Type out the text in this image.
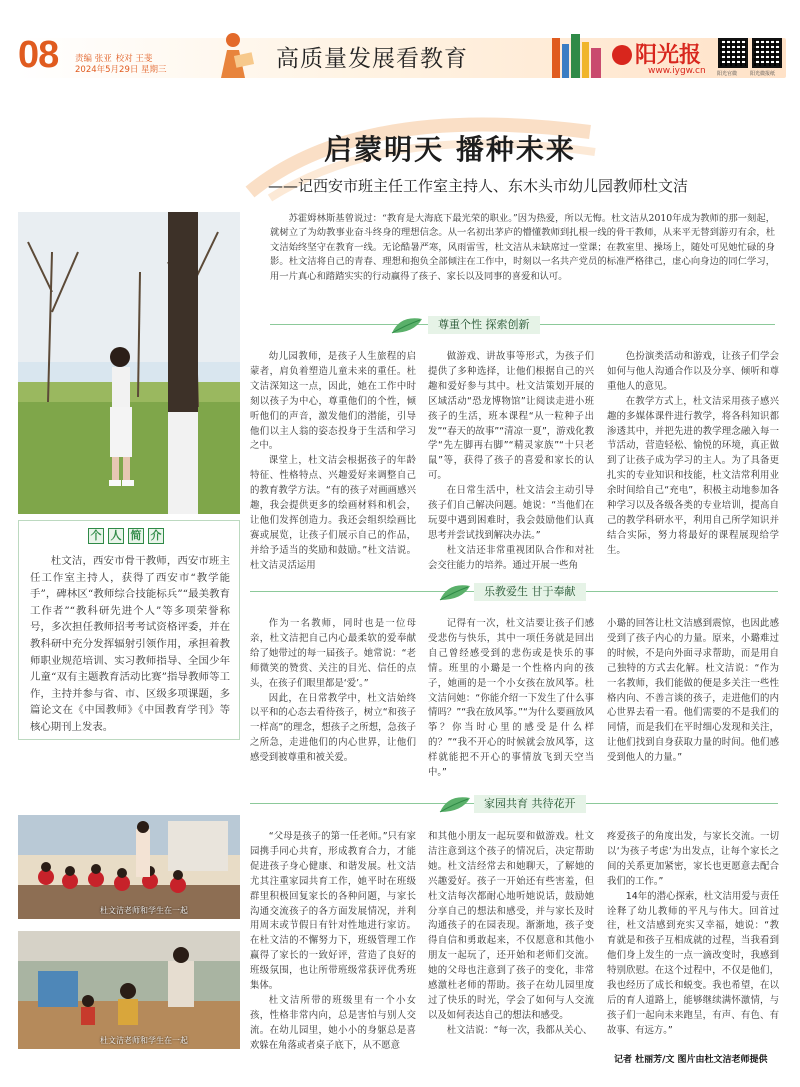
08 责编 张亚 校对 王斐
2024年5月29日 星期三	高质量发展看教育	阳光报
www.iygw.cn 阳光官微	阳光微报纸
启蒙明天 播种未来
——记西安市班主任工作室主持人、东木头市幼儿园教师杜文洁
个 人 简 介
杜文洁，西安市骨干教师，西安市班主任工作室主持人，获得了西安市“教学能手”，碑林区“教师综合技能标兵”“最美教育工作者”“教科研先进个人”等多项荣誉称号，多次担任教师招考考试资格评委，并在教科研中充分发挥辐射引领作用，承担着教师职业规范培训、实习教师指导、全国少年儿童“双有主题教育活动比赛”指导教师等工作，主持并参与省、市、区级多项课题，多篇论文在《中国教师》《中国教育学刊》等核心期刊上发表。
苏霍姆林斯基曾说过：“教育是大海底下最光荣的职业。”因为热爱，所以无悔。杜文洁从2010年成为教师的那一刻起，就树立了为幼教事业奋斗终身的理想信念。从一名初出茅庐的懵懂教师到扎根一线的骨干教师，从来平无替到游刃有余，杜文洁始终坚守在教育一线。无论酷暑严寒，风雨雷雪，杜文洁从未缺席过一堂课；在教室里、操场上，随处可见她忙碌的身影。杜文洁将自己的青春、理想和抱负全部倾注在工作中，时刻以一名共产党员的标准严格律己，虚心向身边的同仁学习，用一片真心和踏踏实实的行动赢得了孩子、家长以及同事的喜爱和认可。
尊重个性 探索创新

幼儿园教师，是孩子人生旅程的启蒙者，肩负着塑造儿童未来的重任。杜文洁深知这一点，因此，她在工作中时刻以孩子为中心，尊重他们的个性，倾听他们的声音，激发他们的潜能，引导他们以主人翁的姿态投身于生活和学习之中。

课堂上，杜文洁会根据孩子的年龄特征、性格特点、兴趣爱好来调整自己的教育教学方法。“有的孩子对画画感兴趣，我会提供更多的绘画材料和机会，让他们发挥创造力。我还会组织绘画比赛或展览，让孩子们展示自己的作品，并给予适当的奖励和鼓励。”杜文洁说。杜文洁灵活运用

做游戏、讲故事等形式，为孩子们提供了多种选择，让他们根据自己的兴趣和爱好参与其中。杜文洁策划开展的区域活动“恐龙博物馆”让阅读走进小班孩子的生活，班本课程“从一粒种子出发”“春天的故事”“清凉一夏”，游戏化教学“先左脚再右脚”“精灵家族”“十只老鼠”等，获得了孩子的喜爱和家长的认可。

在日常生活中，杜文洁会主动引导孩子们自己解决问题。她说：“当他们在玩耍中遇到困难时，我会鼓励他们认真思考并尝试找到解决办法。”

杜文洁还非常重视团队合作和对社会交往能力的培养。通过开展一些角

色扮演类活动和游戏，让孩子们学会如何与他人沟通合作以及分享、倾听和尊重他人的意见。

在教学方式上，杜文洁采用孩子感兴趣的多媒体课件进行教学，将各科知识都渗透其中，并把先进的教学理念融入每一节活动，营造轻松、愉悦的环境，真正做到了让孩子成为学习的主人。为了具备更扎实的专业知识和技能，杜文洁常利用业余时间给自己“充电”，积极主动地参加各种学习以及各级各类的专业培训，提高自己的教学科研水平，利用自己所学知识并结合实际，努力将最好的课程展现给学生。

乐教爱生 甘于奉献

作为一名教师，同时也是一位母亲，杜文洁把自己内心最柔软的爱奉献给了她带过的每一届孩子。她常说：“老师微笑的赞赏、关注的目光、信任的点头，在孩子们眼里都是‘爱’。”

因此，在日常教学中，杜文洁始终以平和的心态去看待孩子，树立“和孩子一样高”的理念，想孩子之所想，急孩子之所急，走进他们的内心世界，让他们感受到被尊重和被关爱。

记得有一次，杜文洁要让孩子们感受悲伤与快乐，其中一项任务就是回出自己曾经感受到的悲伤或是快乐的事情。班里的小璐是一个性格内向的孩子，她画的是一个小女孩在放风筝。杜文洁问她：“你能介绍一下发生了什么事情吗？”“我在放风筝。”“为什么要画放风筝？你当时心里的感受是什么样的？”“我不开心的时候就会放风筝，这样就能把不开心的事情放飞到天空当中。”

小璐的回答让杜文洁感到震惊，也因此感受到了孩子内心的力量。原来，小璐难过的时候，不是向外面寻求帮助，而是用自己独特的方式去化解。杜文洁说：“作为一名教师，我们能做的便是多关注一些性格内向、不善言谈的孩子，走进他们的内心世界去看一看。他们需要的不是我们的同情，而是我们在平时细心发现和关注，让他们找到自身获取力量的时间。他们感受到他人的力量。”

家园共育 共待花开

“父母是孩子的第一任老师。”只有家园携手同心共育，形成教育合力，才能促进孩子身心健康、和谐发展。杜文洁尤其注重家园共育工作，她平时在班级群里积极回复家长的各种问题，与家长沟通交流孩子的各方面发展情况，并利用周末或节假日有针对性地进行家访。在杜文洁的不懈努力下，班级管理工作赢得了家长的一致好评，营造了良好的班级氛围，也让所带班级常获评优秀班集体。

杜文洁所带的班级里有一个小女孩，性格非常内向，总是害怕与别人交流。在幼儿园里，她小小的身躯总是喜欢躲在角落或者桌子底下，从不愿意

和其他小朋友一起玩耍和做游戏。杜文洁注意到这个孩子的情况后，决定帮助她。杜文洁经常去和她聊天，了解她的兴趣爱好。孩子一开始还有些害羞，但杜文洁每次都耐心地听她说话，鼓励她分享自己的想法和感受，并与家长及时沟通孩子的在园表现。渐渐地，孩子变得自信和勇敢起来，不仅愿意和其他小朋友一起玩了，还开始和老师们交流。她的父母也注意到了孩子的变化，非常感激杜老师的帮助。孩子在幼儿园里度过了快乐的时光，学会了如何与人交流以及如何表达自己的想法和感受。

杜文洁说：“每一次，我都从关心、

疼爱孩子的角度出发，与家长交流。一切以‘为孩子考虑’为出发点，让每个家长之间的关系更加紧密，家长也更愿意去配合我们的工作。”

14年的潜心探索，杜文洁用爱与责任诠释了幼儿教师的平凡与伟大。回首过往，杜文洁感到充实又幸福，她说：“教育就是和孩子互相成就的过程，当我看到他们身上发生的一点一滴改变时，我感到特别欣慰。在这个过程中，不仅是他们，我也经历了成长和蜕变。我也希望，在以后的育人道路上，能够继续满怀激情，与孩子们一起向未来跑呈，有声、有色、有故事、有远方。”

杜文洁老师和学生在一起
杜文洁老师和学生在一起
记者 杜丽芳/文 图片由杜文洁老师提供
